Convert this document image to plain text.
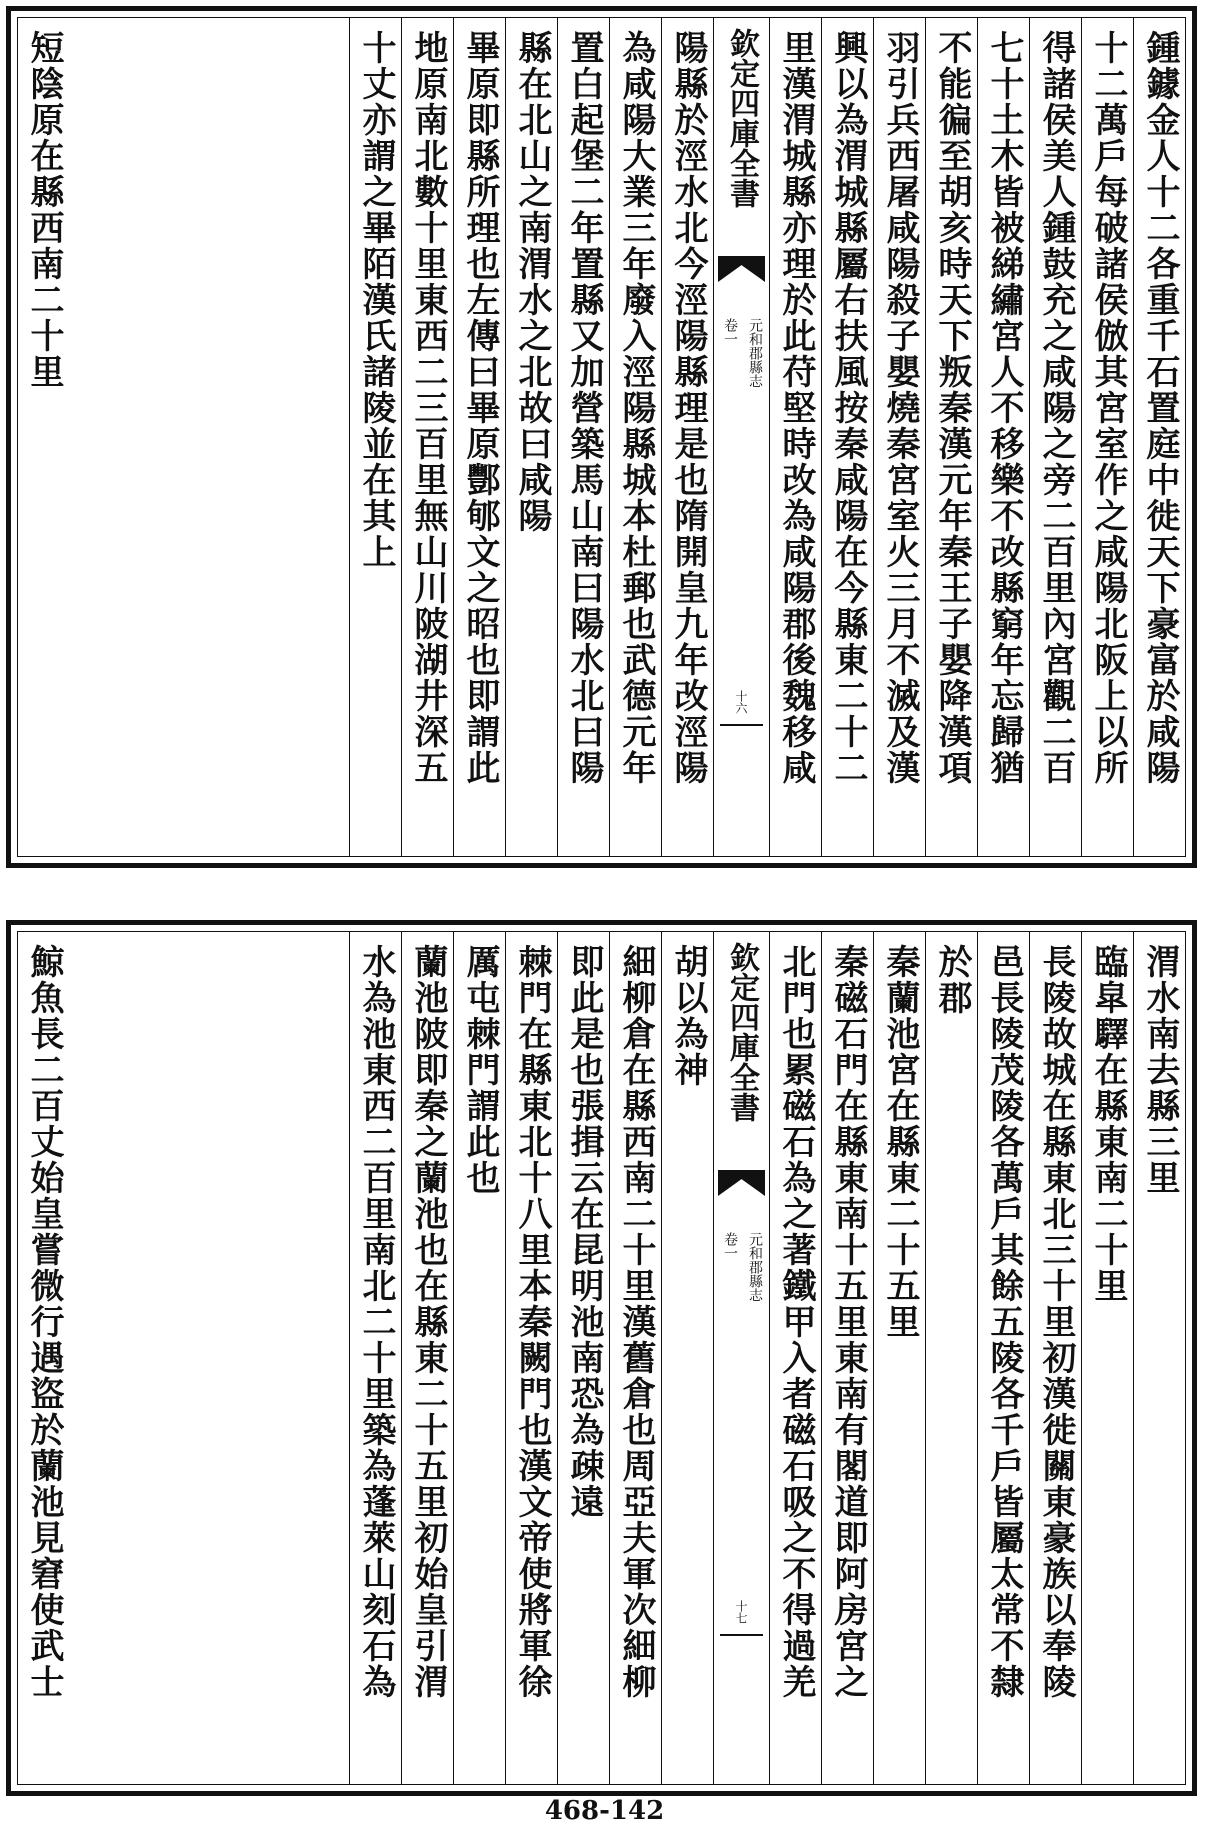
鍾鐻金人十二各重千石置庭中徙天下豪富於咸陽
十二萬戶每破諸侯倣其宮室作之咸陽北阪上以所
得諸侯美人鍾鼓充之咸陽之旁二百里內宮觀二百
七十土木皆被綈繡宮人不移樂不改縣窮年忘歸猶
不能徧至胡亥時天下叛秦漢元年秦王子嬰降漢項
羽引兵西屠咸陽殺子嬰燒秦宮室火三月不滅及漢
興以為渭城縣屬右扶風按秦咸陽在今縣東二十二
里漢渭城縣亦理於此苻堅時改為咸陽郡後魏移咸
欽定四庫全書
元和郡縣志
卷一
十六
陽縣於涇水北今涇陽縣理是也隋開皇九年改涇陽
為咸陽大業三年廢入涇陽縣城本杜郵也武德元年
置白起堡二年置縣又加營築馬山南曰陽水北曰陽
縣在北山之南渭水之北故曰咸陽
畢原即縣所理也左傳曰畢原酆郇文之昭也即謂此
地原南北數十里東西二三百里無山川陂湖井深五
十丈亦謂之畢陌漢氏諸陵並在其上
短陰原在縣西南二十里
渭水南去縣三里
臨皐驛在縣東南二十里
長陵故城在縣東北三十里初漢徙關東豪族以奉陵
邑長陵茂陵各萬戶其餘五陵各千戶皆屬太常不隸
於郡
秦蘭池宮在縣東二十五里
秦磁石門在縣東南十五里東南有閣道即阿房宮之
北門也累磁石為之著鐵甲入者磁石吸之不得過羌
欽定四庫全書
元和郡縣志
卷一
十七
胡以為神
細柳倉在縣西南二十里漢舊倉也周亞夫軍次細柳
即此是也張揖云在昆明池南恐為疎遠
棘門在縣東北十八里本秦闕門也漢文帝使將軍徐
厲屯棘門謂此也
蘭池陂即秦之蘭池也在縣東二十五里初始皇引渭
水為池東西二百里南北二十里築為蓬萊山刻石為
鯨魚長二百丈始皇嘗微行遇盜於蘭池見窘使武士
468-142
